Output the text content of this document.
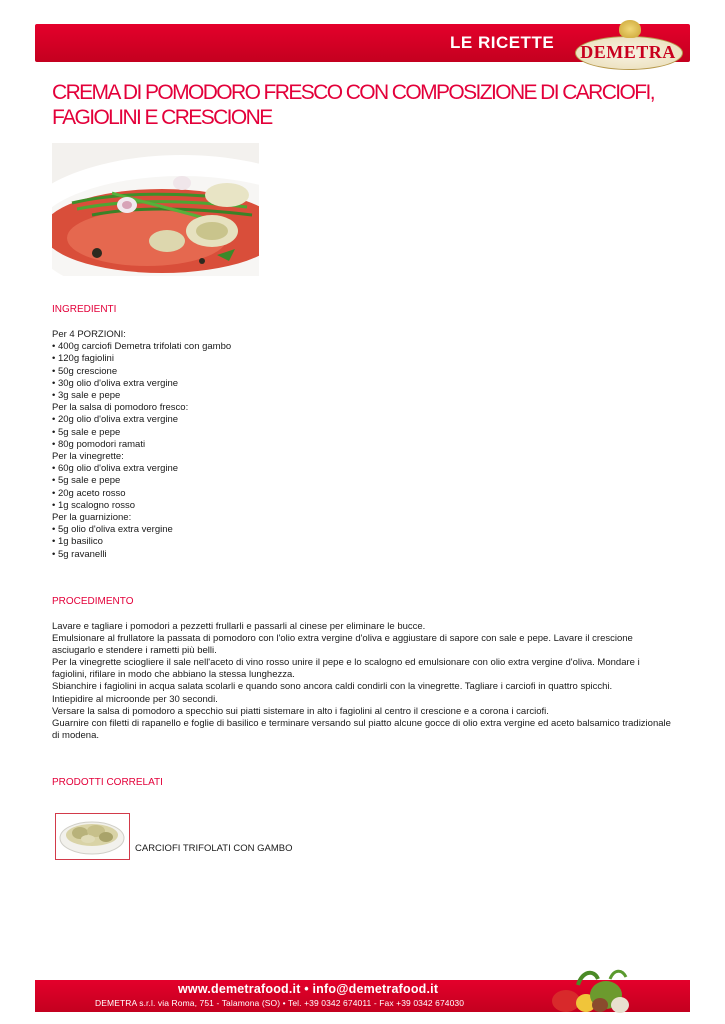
LE RICETTE DEMETRA
CREMA DI POMODORO FRESCO CON COMPOSIZIONE DI CARCIOFI, FAGIOLINI E CRESCIONE
INGREDIENTI
Per 4 PORZIONI:
• 400g carciofi Demetra trifolati con gambo
• 120g fagiolini
• 50g crescione
• 30g olio d'oliva extra vergine
• 3g sale e pepe
Per la salsa di pomodoro fresco:
• 20g olio d'oliva extra vergine
• 5g sale e pepe
• 80g pomodori ramati
Per la vinegrette:
• 60g olio d'oliva extra vergine
• 5g sale e pepe
• 20g aceto rosso
• 1g scalogno rosso
Per la guarnizione:
• 5g olio d'oliva extra vergine
• 1g basilico
• 5g ravanelli
PROCEDIMENTO

Lavare e tagliare i pomodori a pezzetti frullarli e passarli al cinese per eliminare le bucce.

Emulsionare al frullatore la passata di pomodoro con l'olio extra vergine d'oliva e aggiustare di sapore con sale e pepe. Lavare il crescione asciugarlo e stendere i rametti più belli.

Per la vinegrette sciogliere il sale nell'aceto di vino rosso unire il pepe e lo scalogno ed emulsionare con olio extra vergine d'oliva. Mondare i fagiolini, rifilare in modo che abbiano la stessa lunghezza.

Sbianchire i fagiolini in acqua salata scolarli e quando sono ancora caldi condirli con la vinegrette. Tagliare i carciofi in quattro spicchi.

Intiepidire al microonde per 30 secondi.

Versare la salsa di pomodoro a specchio sui piatti sistemare in alto i fagiolini al centro il crescione e a corona i carciofi.

Guarnire con filetti di rapanello e foglie di basilico e terminare versando sul piatto alcune gocce di olio extra vergine ed aceto balsamico tradizionale di modena.

PRODOTTI CORRELATI
CARCIOFI TRIFOLATI CON GAMBO
www.demetrafood.it • info@demetrafood.it
DEMETRA s.r.l. via Roma, 751 - Talamona (SO) • Tel. +39 0342 674011 - Fax +39 0342 674030
